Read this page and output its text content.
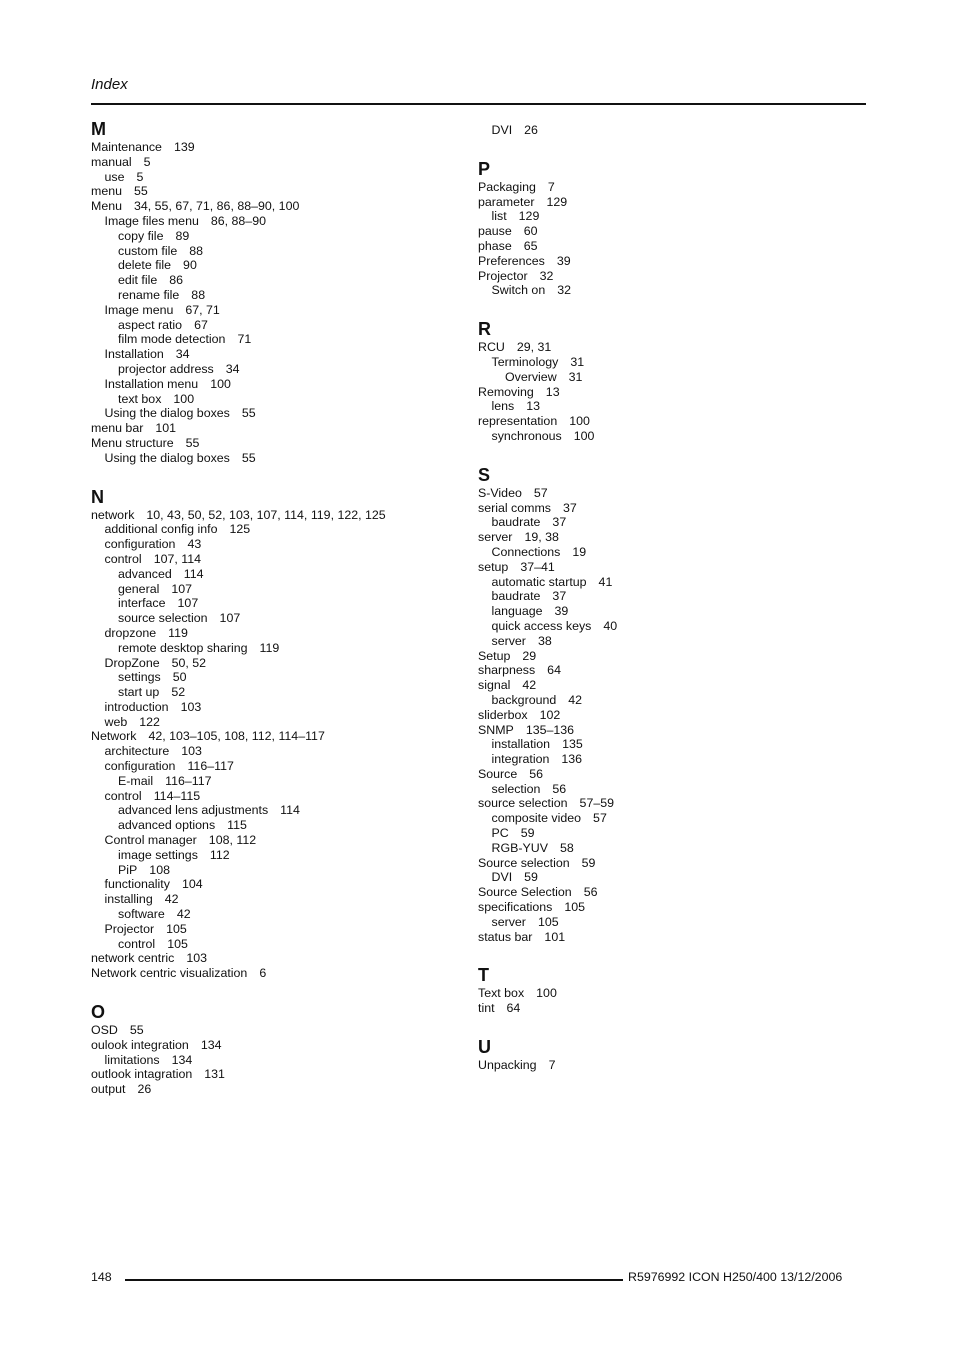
Index
M
Maintenance 139
manual 5
use 5
menu 55
Menu 34, 55, 67, 71, 86, 88–90, 100
Image files menu 86, 88–90
copy file 89
custom file 88
delete file 90
edit file 86
rename file 88
Image menu 67, 71
aspect ratio 67
film mode detection 71
Installation 34
projector address 34
Installation menu 100
text box 100
Using the dialog boxes 55
menu bar 101
Menu structure 55
Using the dialog boxes 55
N
network 10, 43, 50, 52, 103, 107, 114, 119, 122, 125
additional config info 125
configuration 43
control 107, 114
advanced 114
general 107
interface 107
source selection 107
dropzone 119
remote desktop sharing 119
DropZone 50, 52
settings 50
start up 52
introduction 103
web 122
Network 42, 103–105, 108, 112, 114–117
architecture 103
configuration 116–117
E-mail 116–117
control 114–115
advanced lens adjustments 114
advanced options 115
Control manager 108, 112
image settings 112
PiP 108
functionality 104
installing 42
software 42
Projector 105
control 105
network centric 103
Network centric visualization 6
O
OSD 55
oulook integration 134
limitations 134
outlook intagration 131
output 26
DVI 26
P
Packaging 7
parameter 129
list 129
pause 60
phase 65
Preferences 39
Projector 32
Switch on 32
R
RCU 29, 31
Terminology 31
Overview 31
Removing 13
lens 13
representation 100
synchronous 100
S
S-Video 57
serial comms 37
baudrate 37
server 19, 38
Connections 19
setup 37–41
automatic startup 41
baudrate 37
language 39
quick access keys 40
server 38
Setup 29
sharpness 64
signal 42
background 42
sliderbox 102
SNMP 135–136
installation 135
integration 136
Source 56
selection 56
source selection 57–59
composite video 57
PC 59
RGB-YUV 58
Source selection 59
DVI 59
Source Selection 56
specifications 105
server 105
status bar 101
T
Text box 100
tint 64
U
Unpacking 7
148	R5976992 ICON H250/400 13/12/2006
